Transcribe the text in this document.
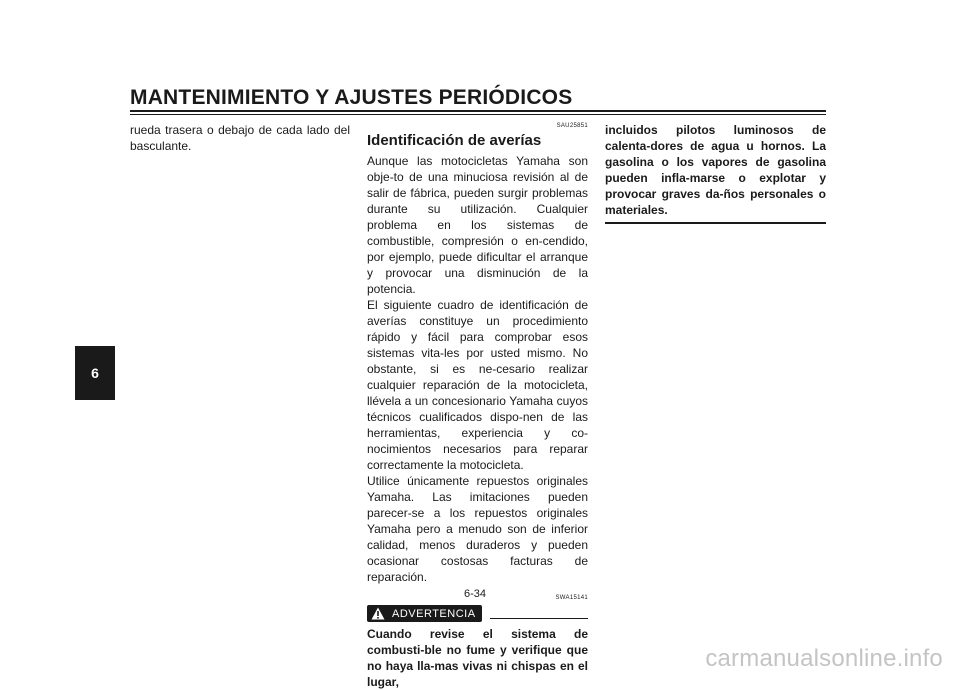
MANTENIMIENTO Y AJUSTES PERIÓDICOS
6

rueda trasera o debajo de cada lado del basculante.

SAU25851
Identificación de averías

Aunque las motocicletas Yamaha son obje-to de una minuciosa revisión al de salir de fábrica, pueden surgir problemas durante su utilización. Cualquier problema en los sistemas de combustible, compresión o en-cendido, por ejemplo, puede dificultar el arranque y provocar una disminución de la potencia.

El siguiente cuadro de identificación de averías constituye un procedimiento rápido y fácil para comprobar esos sistemas vita-les por usted mismo. No obstante, si es ne-cesario realizar cualquier reparación de la motocicleta, llévela a un concesionario Yamaha cuyos técnicos cualificados dispo-nen de las herramientas, experiencia y co-nocimientos necesarios para reparar correctamente la motocicleta.

Utilice únicamente repuestos originales Yamaha. Las imitaciones pueden parecer-se a los repuestos originales Yamaha pero a menudo son de inferior calidad, menos duraderos y pueden ocasionar costosas facturas de reparación.

SWA15141
ADVERTENCIA

Cuando revise el sistema de combusti-ble no fume y verifique que no haya lla-mas vivas ni chispas en el lugar,

incluidos pilotos luminosos de calenta-dores de agua u hornos. La gasolina o los vapores de gasolina pueden infla-marse o explotar y provocar graves da-ños personales o materiales.

6-34
carmanualsonline.info
